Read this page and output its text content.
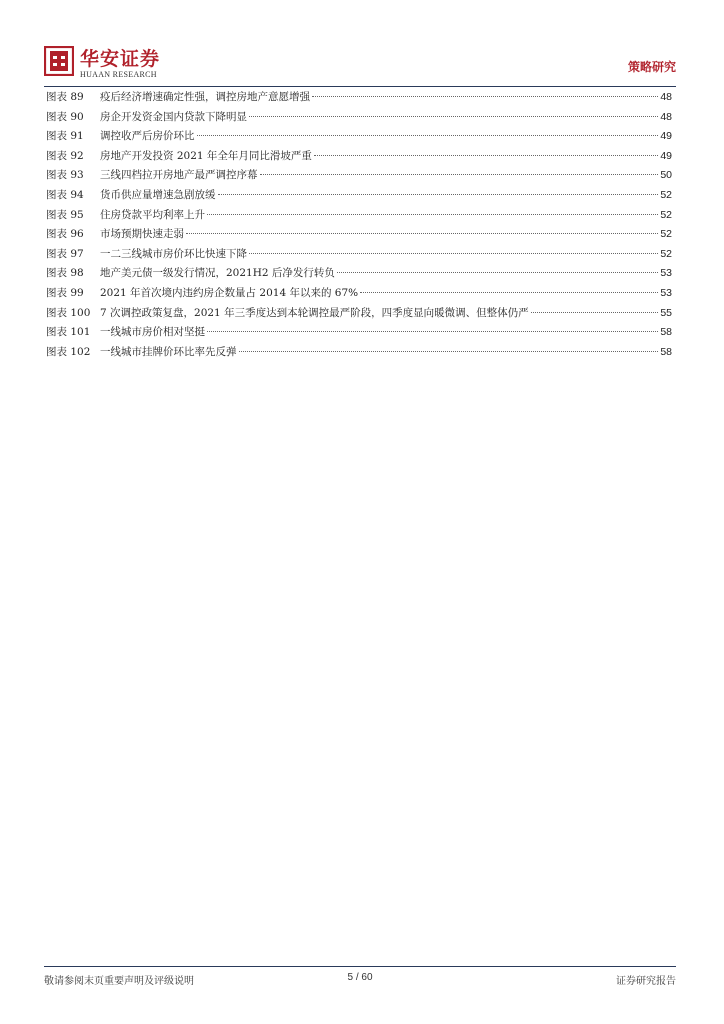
华安证券
HUAAN RESEARCH
策略研究
图表 89	疫后经济增速确定性强，调控房地产意愿增强	48
图表 90	房企开发资金国内贷款下降明显	48
图表 91	调控收严后房价环比	49
图表 92	房地产开发投资 2021 年全年月同比滑坡严重	49
图表 93	三线四档拉开房地产最严调控序幕	50
图表 94	货币供应量增速急剧放缓	52
图表 95	住房贷款平均利率上升	52
图表 96	市场预期快速走弱	52
图表 97	一二三线城市房价环比快速下降	52
图表 98	地产美元债一级发行情况，2021H2 后净发行转负	53
图表 99	2021 年首次境内违约房企数量占 2014 年以来的 67%	53
图表 100 7 次调控政策复盘，2021 年三季度达到本轮调控最严阶段，四季度显向暖微调、但整体仍严	55
图表 101 一线城市房价相对坚挺	58
图表 102 一线城市挂牌价环比率先反弹	58
敬请参阅末页重要声明及评级说明	5 / 60	证券研究报告
